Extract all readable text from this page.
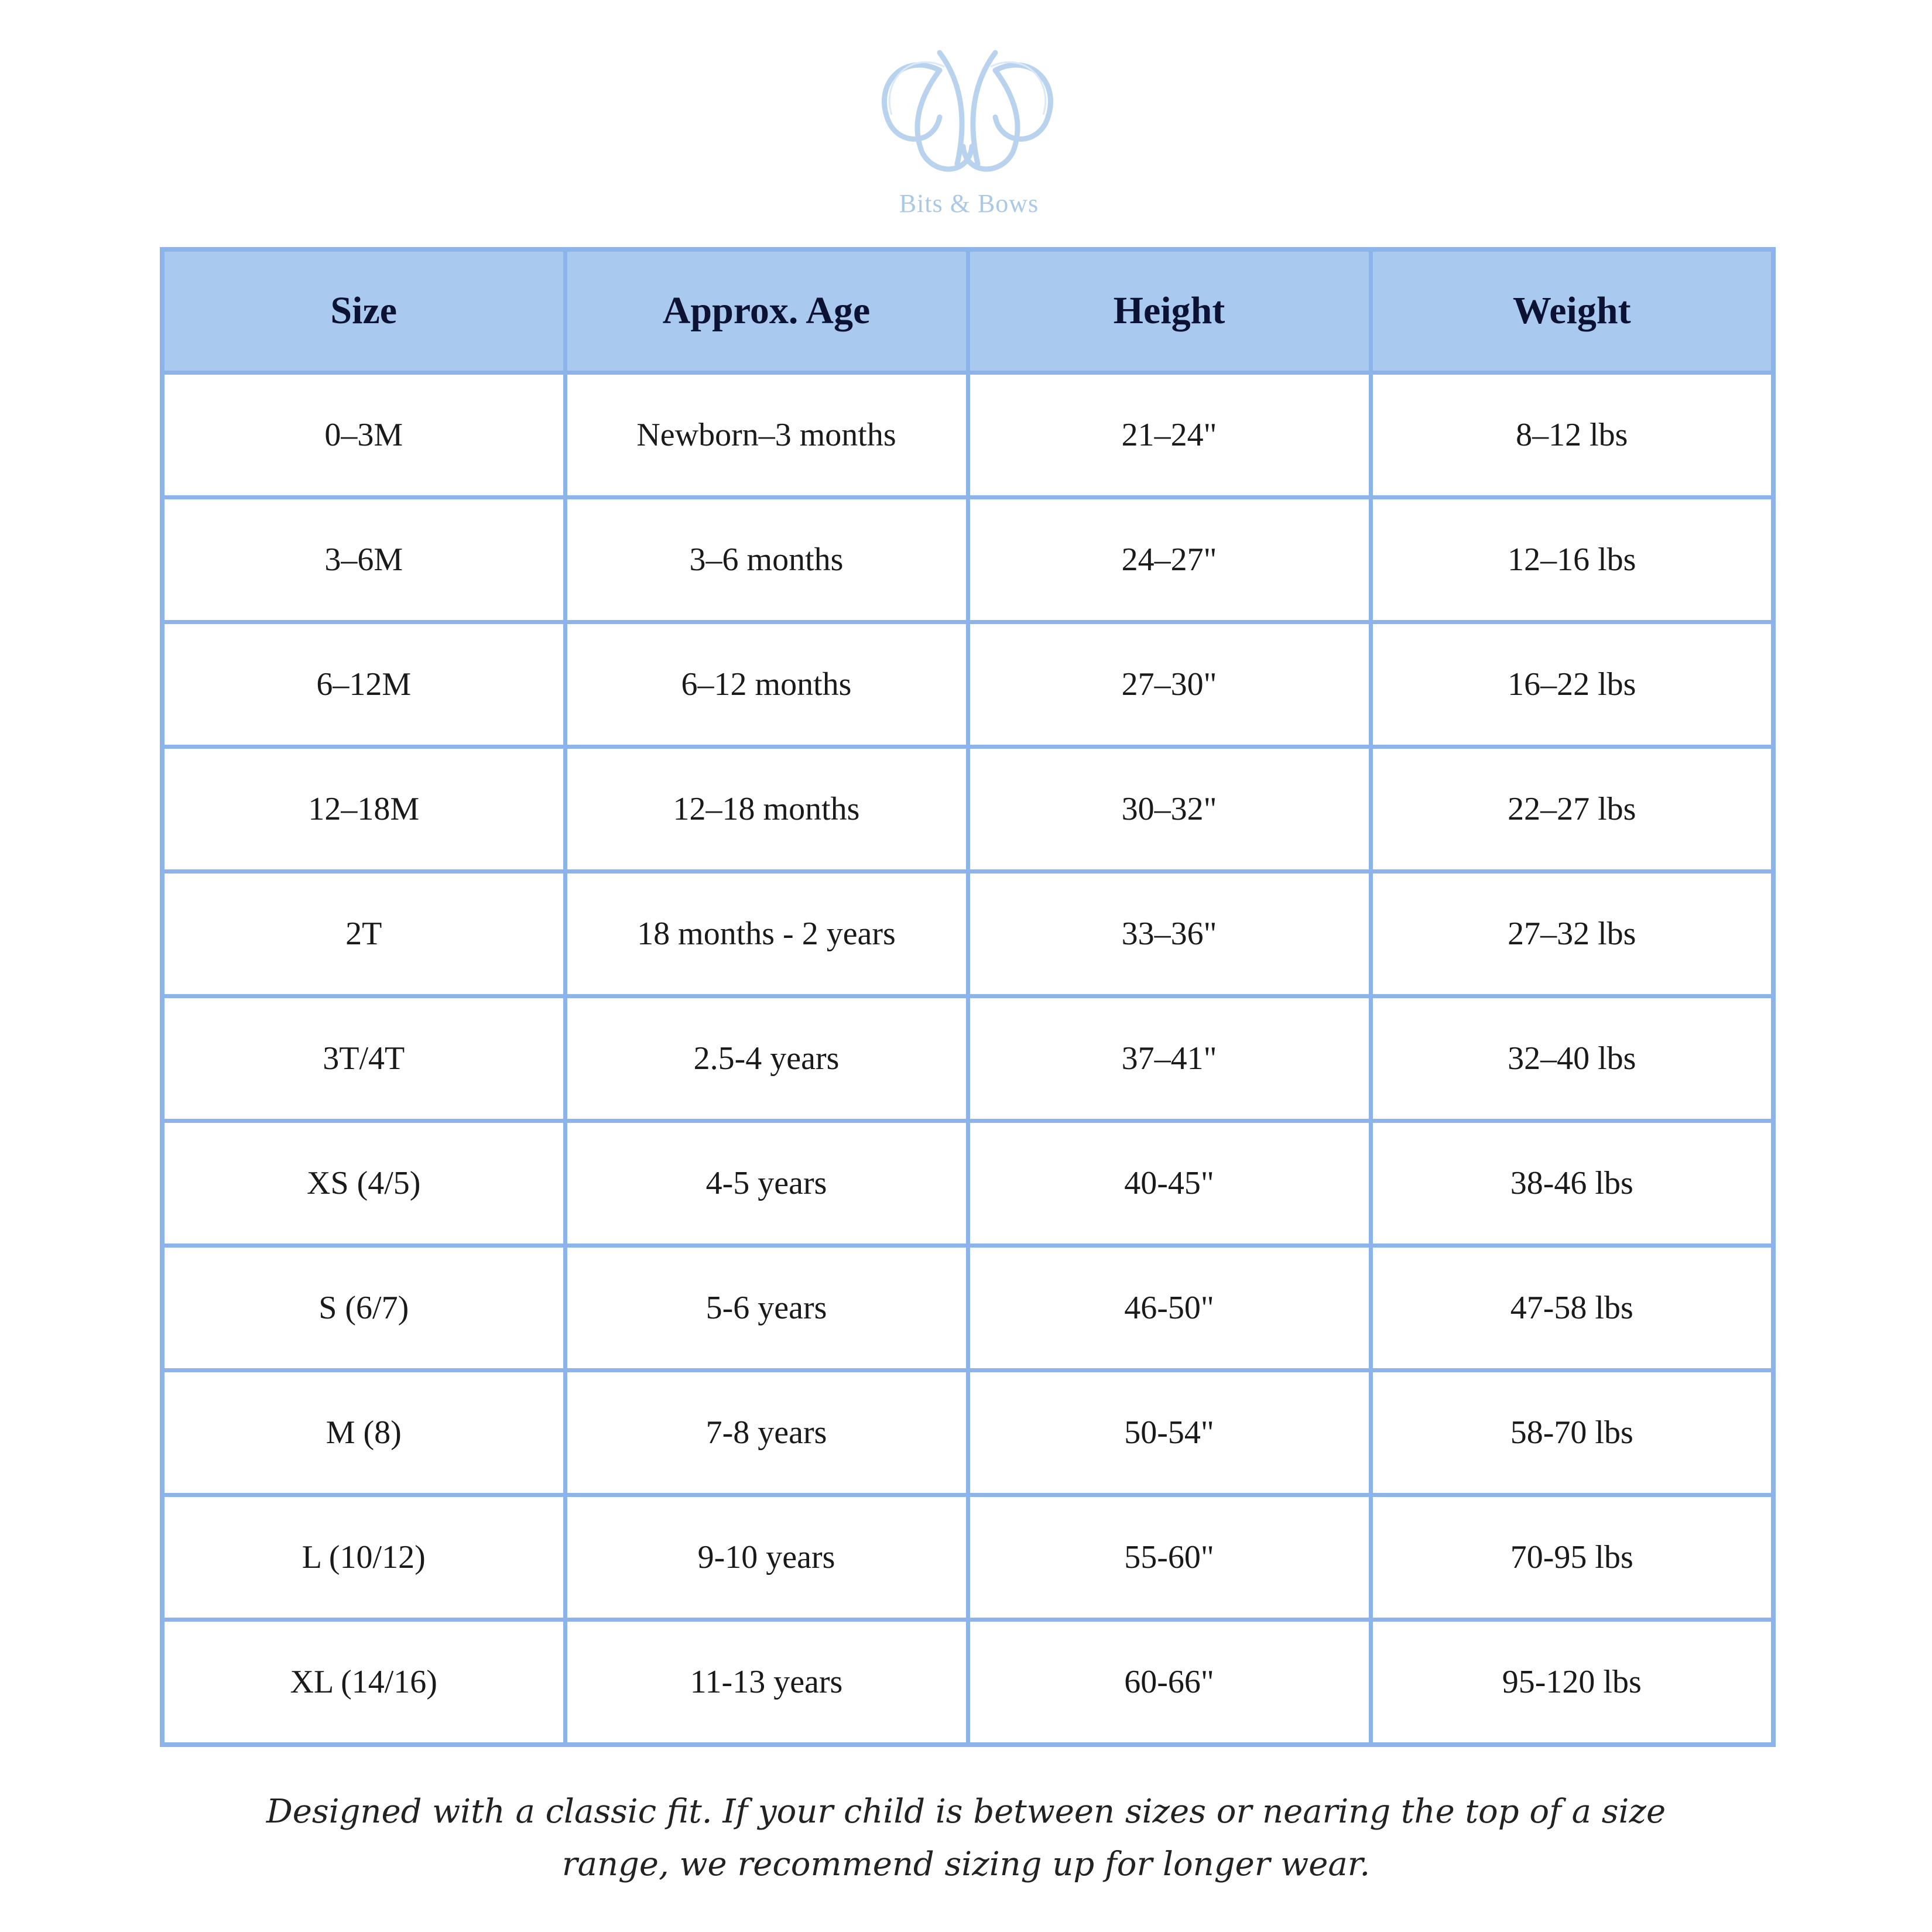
Bits & Bows
Size	Approx. Age	Height	Weight
0–3M	Newborn–3 months	21–24"	8–12 lbs
3–6M	3–6 months	24–27"	12–16 lbs
6–12M	6–12 months	27–30"	16–22 lbs
12–18M	12–18 months	30–32"	22–27 lbs
2T	18 months - 2 years	33–36"	27–32 lbs
3T/4T	2.5-4 years	37–41"	32–40 lbs
XS (4/5)	4-5 years	40-45"	38-46 lbs
S (6/7)	5-6 years	46-50"	47-58 lbs
M (8)	7-8 years	50-54"	58-70 lbs
L (10/12)	9-10 years	55-60"	70-95 lbs
XL (14/16)	11-13 years	60-66"	95-120 lbs
Designed with a classic fit. If your child is between sizes or nearing the top of a size
range, we recommend sizing up for longer wear.
